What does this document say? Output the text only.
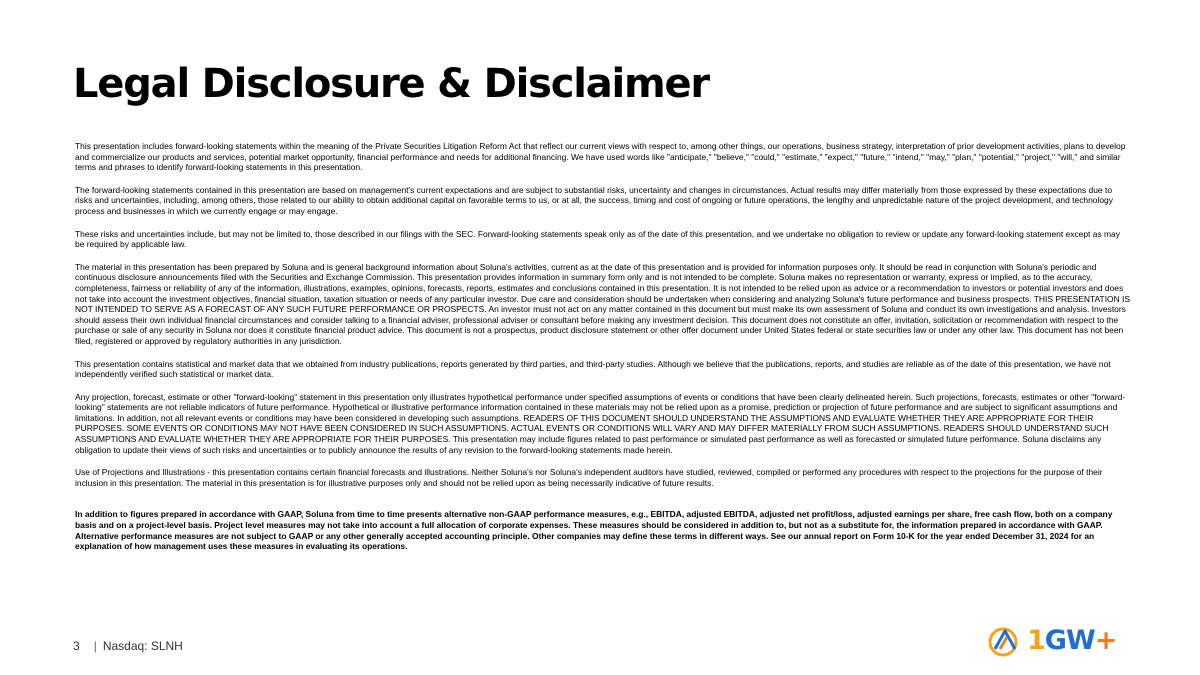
Legal Disclosure & Disclaimer

This presentation includes forward-looking statements within the meaning of the Private Securities Litigation Reform Act that reflect our current views with respect to, among other things, our operations, business strategy, interpretation of prior development activities, plans to develop and commercialize our products and services, potential market opportunity, financial performance and needs for additional financing. We have used words like "anticipate," "believe," "could," "estimate," "expect," "future," "intend," "may," "plan," "potential," "project," "will," and similar terms and phrases to identify forward-looking statements in this presentation.

The forward-looking statements contained in this presentation are based on management's current expectations and are subject to substantial risks, uncertainty and changes in circumstances. Actual results may differ materially from those expressed by these expectations due to risks and uncertainties, including, among others, those related to our ability to obtain additional capital on favorable terms to us, or at all, the success, timing and cost of ongoing or future operations, the lengthy and unpredictable nature of the project development, and technology process and businesses in which we currently engage or may engage.

These risks and uncertainties include, but may not be limited to, those described in our filings with the SEC. Forward-looking statements speak only as of the date of this presentation, and we undertake no obligation to review or update any forward-looking statement except as may be required by applicable law.

The material in this presentation has been prepared by Soluna and is general background information about Soluna's activities, current as at the date of this presentation and is provided for information purposes only. It should be read in conjunction with Soluna's periodic and continuous disclosure announcements filed with the Securities and Exchange Commission. This presentation provides information in summary form only and is not intended to be complete. Soluna makes no representation or warranty, express or implied, as to the accuracy, completeness, fairness or reliability of any of the information, illustrations, examples, opinions, forecasts, reports, estimates and conclusions contained in this presentation. It is not intended to be relied upon as advice or a recommendation to investors or potential investors and does not take into account the investment objectives, financial situation, taxation situation or needs of any particular investor. Due care and consideration should be undertaken when considering and analyzing Soluna's future performance and business prospects. THIS PRESENTATION IS NOT INTENDED TO SERVE AS A FORECAST OF ANY SUCH FUTURE PERFORMANCE OR PROSPECTS. An investor must not act on any matter contained in this document but must make its own assessment of Soluna and conduct its own investigations and analysis. Investors should assess their own individual financial circumstances and consider talking to a financial adviser, professional adviser or consultant before making any investment decision. This document does not constitute an offer, invitation, solicitation or recommendation with respect to the purchase or sale of any security in Soluna nor does it constitute financial product advice. This document is not a prospectus, product disclosure statement or other offer document under United States federal or state securities law or under any other law. This document has not been filed, registered or approved by regulatory authorities in any jurisdiction.

This presentation contains statistical and market data that we obtained from industry publications, reports generated by third parties, and third-party studies. Although we believe that the publications, reports, and studies are reliable as of the date of this presentation, we have not independently verified such statistical or market data.

Any projection, forecast, estimate or other "forward-looking" statement in this presentation only illustrates hypothetical performance under specified assumptions of events or conditions that have been clearly delineated herein. Such projections, forecasts, estimates or other "forward-looking" statements are not reliable indicators of future performance. Hypothetical or illustrative performance information contained in these materials may not be relied upon as a promise, prediction or projection of future performance and are subject to significant assumptions and limitations. In addition, not all relevant events or conditions may have been considered in developing such assumptions. READERS OF THIS DOCUMENT SHOULD UNDERSTAND THE ASSUMPTIONS AND EVALUATE WHETHER THEY ARE APPROPRIATE FOR THEIR PURPOSES. SOME EVENTS OR CONDITIONS MAY NOT HAVE BEEN CONSIDERED IN SUCH ASSUMPTIONS. ACTUAL EVENTS OR CONDITIONS WILL VARY AND MAY DIFFER MATERIALLY FROM SUCH ASSUMPTIONS. READERS SHOULD UNDERSTAND SUCH ASSUMPTIONS AND EVALUATE WHETHER THEY ARE APPROPRIATE FOR THEIR PURPOSES. This presentation may include figures related to past performance or simulated past performance as well as forecasted or simulated future performance. Soluna disclaims any obligation to update their views of such risks and uncertainties or to publicly announce the results of any revision to the forward-looking statements made herein.

Use of Projections and Illustrations - this presentation contains certain financial forecasts and illustrations. Neither Soluna's nor Soluna's independent auditors have studied, reviewed, compiled or performed any procedures with respect to the projections for the purpose of their inclusion in this presentation. The material in this presentation is for illustrative purposes only and should not be relied upon as being necessarily indicative of future results.

In addition to figures prepared in accordance with GAAP, Soluna from time to time presents alternative non-GAAP performance measures, e.g., EBITDA, adjusted EBITDA, adjusted net profit/loss, adjusted earnings per share, free cash flow, both on a company basis and on a project-level basis. Project level measures may not take into account a full allocation of corporate expenses. These measures should be considered in addition to, but not as a substitute for, the information prepared in accordance with GAAP. Alternative performance measures are not subject to GAAP or any other generally accepted accounting principle. Other companies may define these terms in different ways. See our annual report on Form 10-K for the year ended December 31, 2024 for an explanation of how management uses these measures in evaluating its operations.

3 | Nasdaq: SLNH	1GW+
